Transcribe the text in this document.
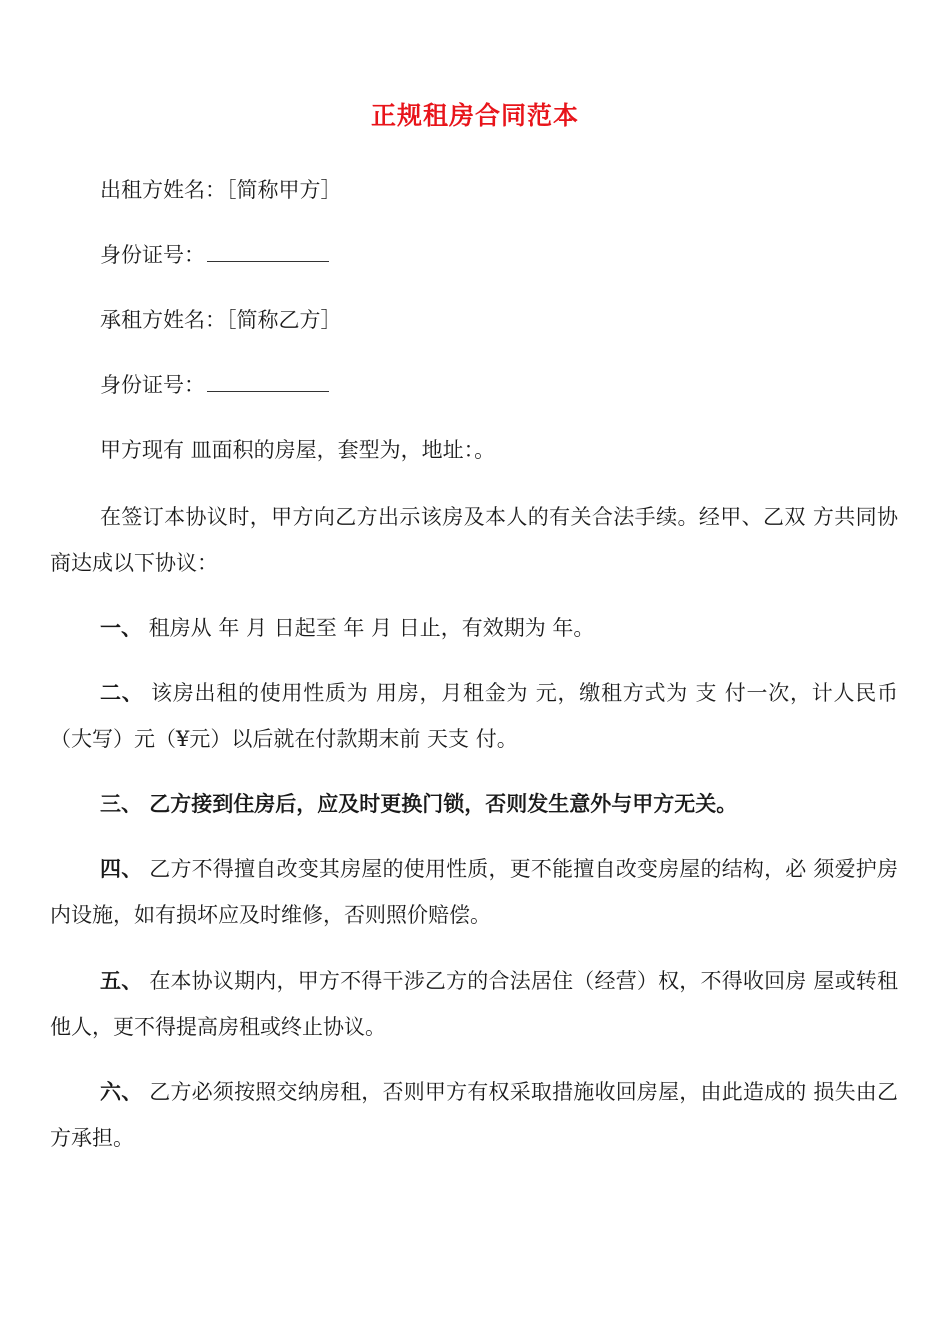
正规租房合同范本
出租方姓名：［简称甲方］
身份证号：
承租方姓名：［简称乙方］
身份证号：
甲方现有 皿面积的房屋，套型为，地址：。

在签订本协议时，甲方向乙方出示该房及本人的有关合法手续。经甲、乙双 方共同协商达成以下协议：

一、 租房从 年 月 日起至 年 月 日止，有效期为 年。

二、 该房出租的使用性质为 用房，月租金为 元，缴租方式为 支 付一次，计人民币（大写）元（¥元）以后就在付款期末前 天支 付。

三、 乙方接到住房后，应及时更换门锁，否则发生意外与甲方无关。

四、 乙方不得擅自改变其房屋的使用性质，更不能擅自改变房屋的结构，必 须爱护房内设施，如有损坏应及时维修，否则照价赔偿。

五、 在本协议期内，甲方不得干涉乙方的合法居住（经营）权，不得收回房 屋或转租他人，更不得提高房租或终止协议。

六、 乙方必须按照交纳房租，否则甲方有权采取措施收回房屋，由此造成的 损失由乙方承担。
